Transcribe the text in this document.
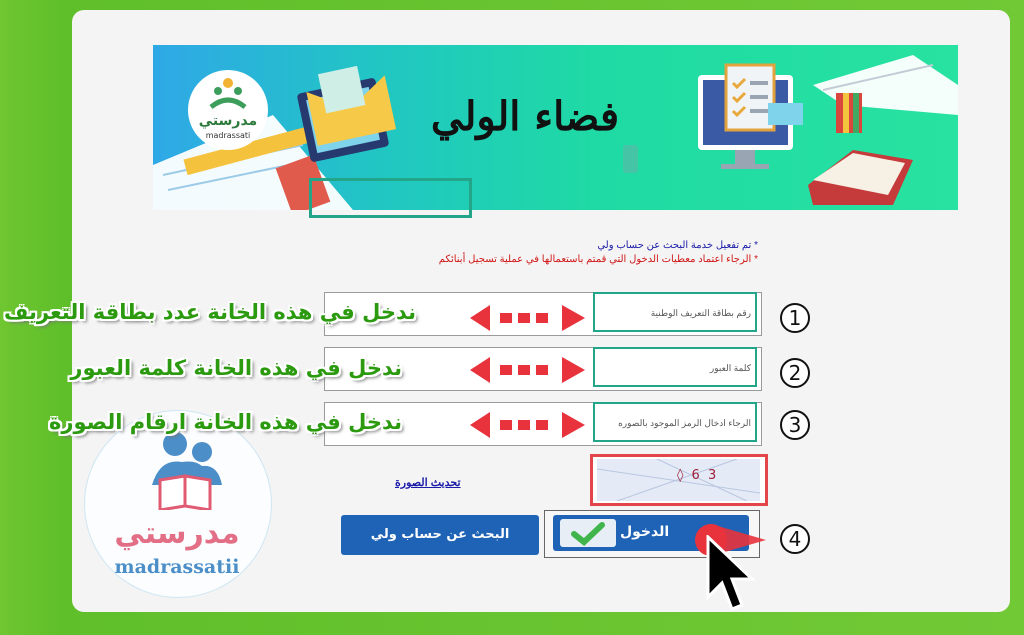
مدرستي
madrassati	فضاء الولي
* تم تفعيل خدمة البحث عن حساب ولي
* الرجاء اعتماد معطيات الدخول التي قمتم باستعمالها في عملية تسجيل أبنائكم
رقم بطاقة التعريف الوطنية
كلمة العبور
الرجاء ادخال الرمز الموجود بالصوره
1
2
3
4
مدرستي
madrassatii
ندخل في هذه الخانة عدد بطاقة التعريف
ندخل في هذه الخانة كلمة العبور
ندخل في هذه الخانة ارقام الصورة
تحديث الصورة	◊ 6 3
الدخول
البحث عن حساب ولي
